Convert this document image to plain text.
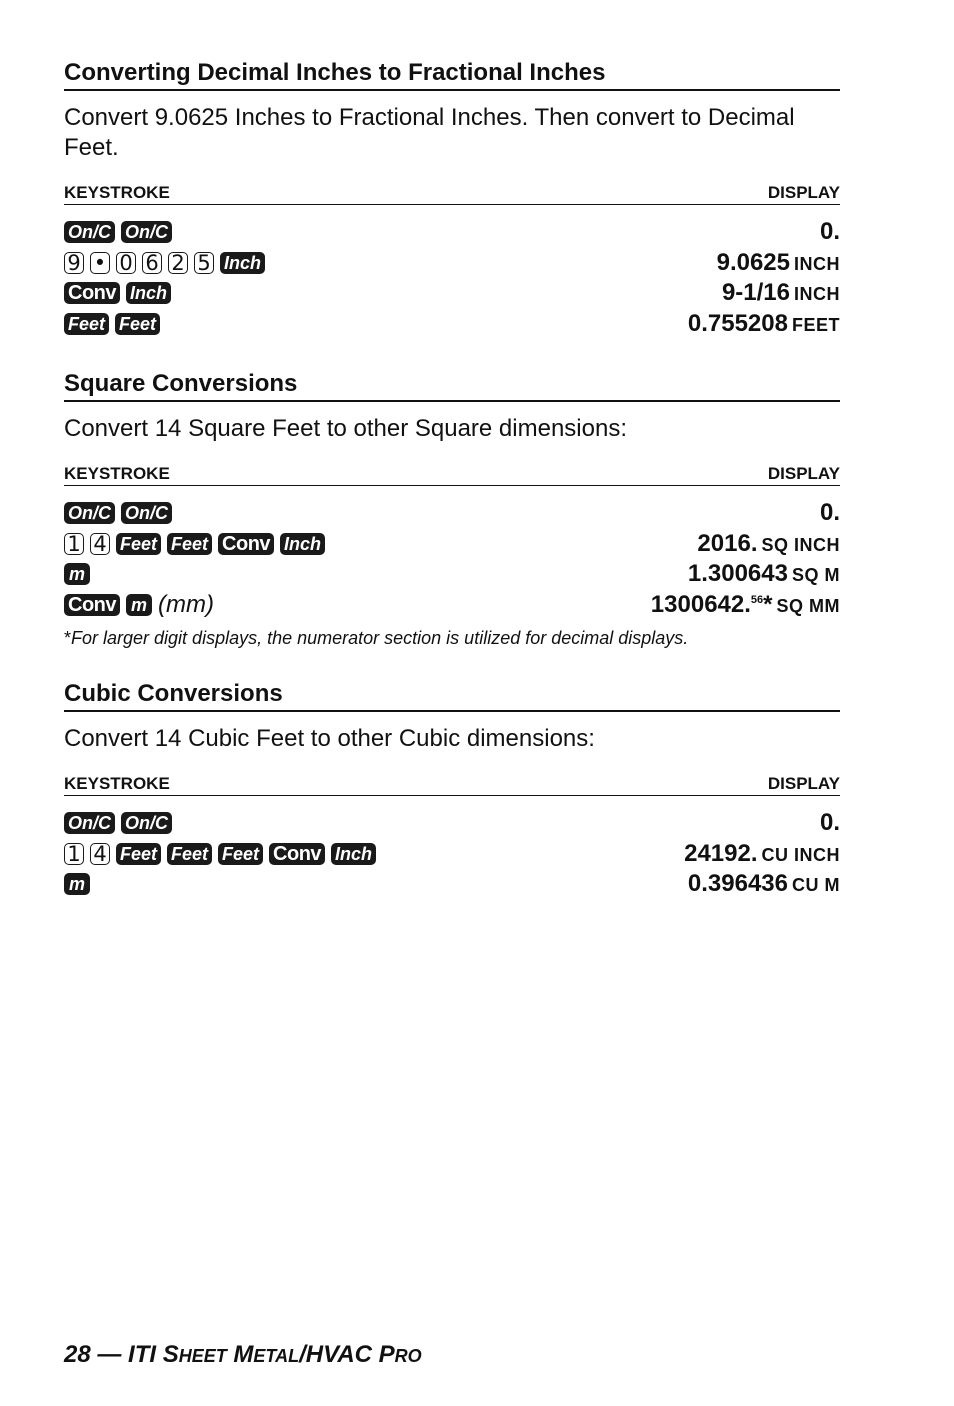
Converting Decimal Inches to Fractional Inches

Convert 9.0625 Inches to Fractional Inches. Then convert to Decimal Feet.

KEYSTROKE	DISPLAY
On/C On/C	0.
9 • 0 6 2 5 Inch	9.0625 INCH
Conv Inch	9-1/16 INCH
Feet Feet	0.755208 FEET
Square Conversions

Convert 14 Square Feet to other Square dimensions:

KEYSTROKE	DISPLAY
On/C On/C	0.
1 4 Feet Feet Conv Inch	2016. SQ INCH
m	1.300643 SQ M
Conv m (mm)	1300642.56* SQ MM
*For larger digit displays, the numerator section is utilized for decimal displays.
Cubic Conversions

Convert 14 Cubic Feet to other Cubic dimensions:

KEYSTROKE	DISPLAY
On/C On/C	0.
1 4 Feet Feet Feet Conv Inch	24192. CU INCH
m	0.396436 CU M
28 — ITI SHEET METAL/HVAC PRO
